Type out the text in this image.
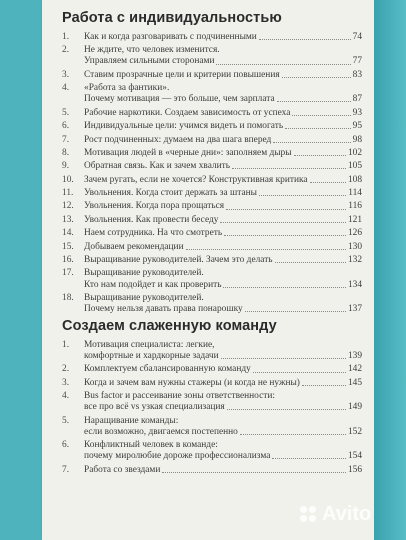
Работа с индивидуальностью
1. Как и когда разговаривать с подчиненными	74
2. Не ждите, что человек изменится.
Управляем сильными сторонами	77
3. Ставим прозрачные цели и критерии повышения	83
4. «Работа за фантики».
Почему мотивация — это больше, чем зарплата	87
5. Рабочие наркотики. Создаем зависимость от успеха	93
6. Индивидуальные цели: учимся видеть и помогать	95
7. Рост подчиненных: думаем на два шага вперед	98
8. Мотивация людей в «черные дни»: заполняем дыры	102
9. Обратная связь. Как и зачем хвалить	105
10. Зачем ругать, если не хочется? Конструктивная критика	108
11. Увольнения. Когда стоит держать за штаны	114
12. Увольнения. Когда пора прощаться	116
13. Увольнения. Как провести беседу	121
14. Наем сотрудника. На что смотреть	126
15. Добываем рекомендации	130
16. Выращивание руководителей. Зачем это делать	132
17. Выращивание руководителей.
Кто нам подойдет и как проверить	134
18. Выращивание руководителей.
Почему нельзя давать права понарошку	137
Создаем слаженную команду
1. Мотивация специалиста: легкие,
комфортные и хардкорные задачи	139
2. Комплектуем сбалансированную команду	142
3. Когда и зачем вам нужны стажеры (и когда не нужны)	145
4. Bus factor и рассеивание зоны ответственности:
все про всё vs узкая специализация	149
5. Наращивание команды:
если возможно, двигаемся постепенно	152
6. Конфликтный человек в команде:
почему миролюбие дороже профессионализма	154
7. Работа со звездами	156
Avito
